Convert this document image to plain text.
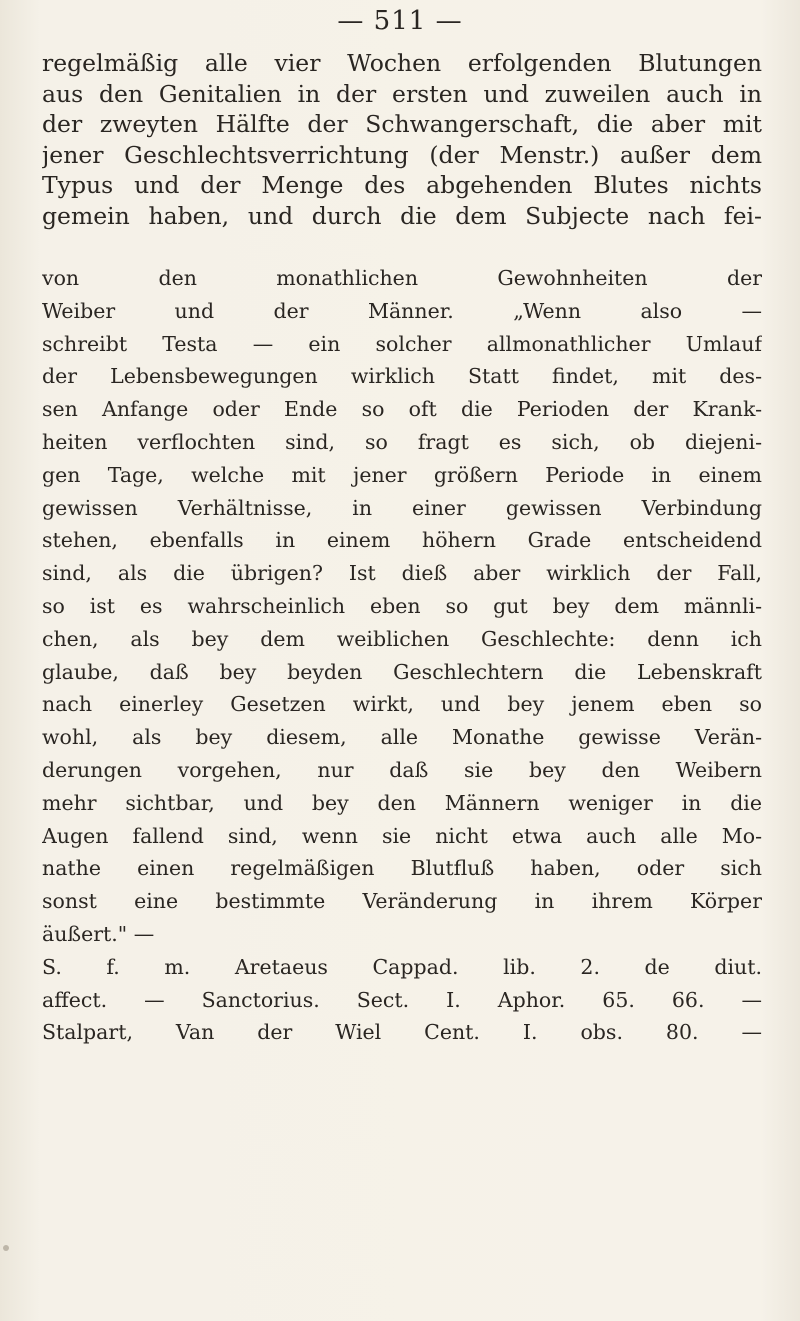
— 511 —
regelmäßig alle vier Wochen erfolgenden Blutungen
aus den Genitalien in der ersten und zuweilen auch in
der zweyten Hälfte der Schwangerschaft, die aber mit
jener Geschlechtsverrichtung (der Menstr.) außer dem
Typus und der Menge des abgehenden Blutes nichts
gemein haben, und durch die dem Subjecte nach fei-
von den monathlichen Gewohnheiten der
Weiber und der Männer. „Wenn also —
schreibt Testa — ein solcher allmonathlicher Umlauf
der Lebensbewegungen wirklich Statt findet, mit des-
sen Anfange oder Ende so oft die Perioden der Krank-
heiten verflochten sind, so fragt es sich, ob diejeni-
gen Tage, welche mit jener größern Periode in einem
gewissen Verhältnisse, in einer gewissen Verbindung
stehen, ebenfalls in einem höhern Grade entscheidend
sind, als die übrigen? Ist dieß aber wirklich der Fall,
so ist es wahrscheinlich eben so gut bey dem männli-
chen, als bey dem weiblichen Geschlechte: denn ich
glaube, daß bey beyden Geschlechtern die Lebenskraft
nach einerley Gesetzen wirkt, und bey jenem eben so
wohl, als bey diesem, alle Monathe gewisse Verän-
derungen vorgehen, nur daß sie bey den Weibern
mehr sichtbar, und bey den Männern weniger in die
Augen fallend sind, wenn sie nicht etwa auch alle Mo-
nathe einen regelmäßigen Blutfluß haben, oder sich
sonst eine bestimmte Veränderung in ihrem Körper
äußert." —
S. f. m. Aretaeus Cappad. lib. 2. de diut.
affect. — Sanctorius. Sect. I. Aphor. 65. 66. —
Stalpart, Van der Wiel Cent. I. obs. 80. —
